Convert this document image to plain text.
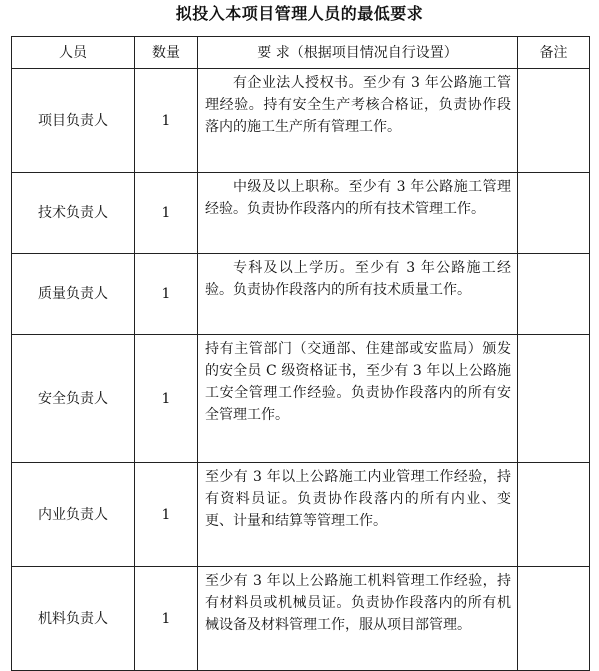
拟投入本项目管理人员的最低要求
人员	数量	要 求（根据项目情况自行设置）	备注
项目负责人	1	有企业法人授权书。至少有 3 年公路施工管理经验。持有安全生产考核合格证，负责协作段落内的施工生产所有管理工作。	
技术负责人	1	中级及以上职称。至少有 3 年公路施工管理经验。负责协作段落内的所有技术管理工作。	
质量负责人	1	专科及以上学历。至少有 3 年公路施工经验。负责协作段落内的所有技术质量工作。	
安全负责人	1	持有主管部门（交通部、住建部或安监局）颁发的安全员 C 级资格证书，至少有 3 年以上公路施工安全管理工作经验。负责协作段落内的所有安全管理工作。	
内业负责人	1	至少有 3 年以上公路施工内业管理工作经验，持有资料员证。负责协作段落内的所有内业、变更、计量和结算等管理工作。	
机料负责人	1	至少有 3 年以上公路施工机料管理工作经验，持有材料员或机械员证。负责协作段落内的所有机械设备及材料管理工作，服从项目部管理。	
